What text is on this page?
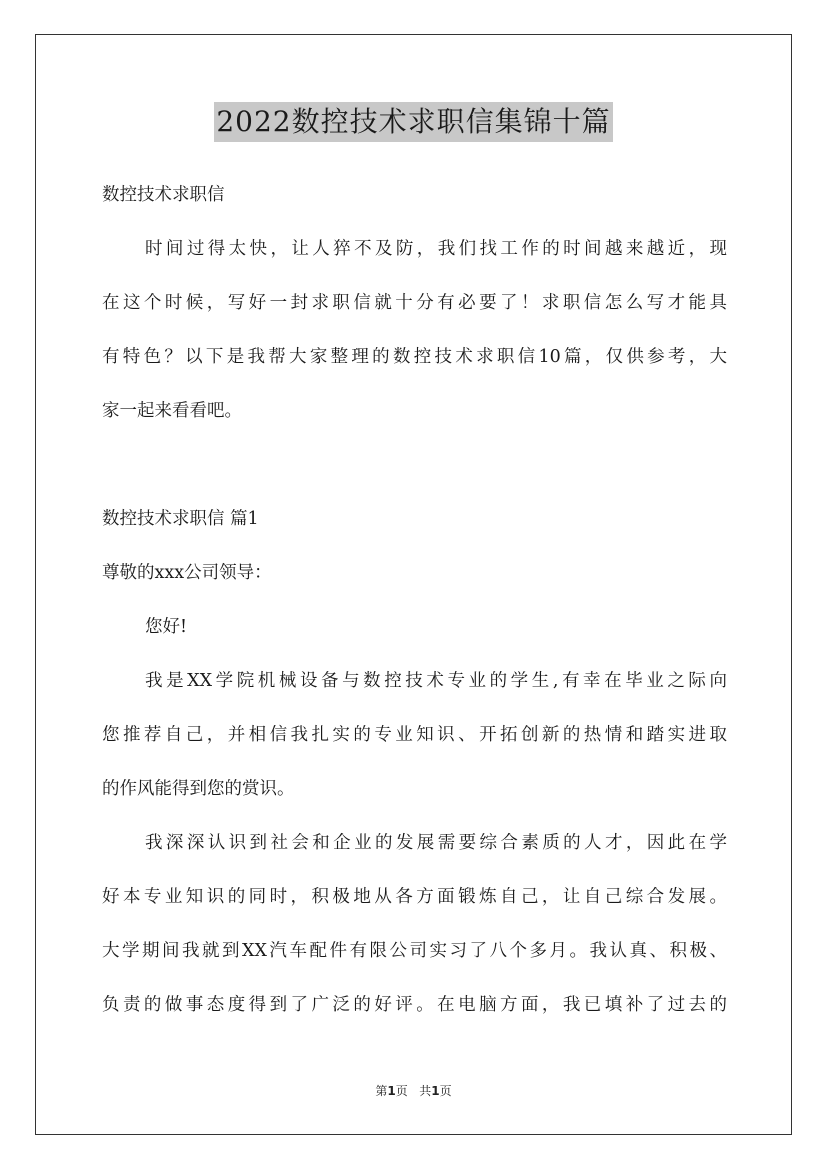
2022数控技术求职信集锦十篇
数控技术求职信
时间过得太快，让人猝不及防，我们找工作的时间越来越近，现
在这个时候，写好一封求职信就十分有必要了！求职信怎么写才能具
有特色？以下是我帮大家整理的数控技术求职信10篇，仅供参考，大
家一起来看看吧。
数控技术求职信 篇1
尊敬的xxx公司领导：
您好!
我是XX学院机械设备与数控技术专业的学生,有幸在毕业之际向
您推荐自己，并相信我扎实的专业知识、开拓创新的热情和踏实进取
的作风能得到您的赏识。
我深深认识到社会和企业的发展需要综合素质的人才，因此在学
好本专业知识的同时，积极地从各方面锻炼自己，让自己综合发展。
大学期间我就到XX汽车配件有限公司实习了八个多月。我认真、积极、
负责的做事态度得到了广泛的好评。在电脑方面，我已填补了过去的
第1页   共1页
